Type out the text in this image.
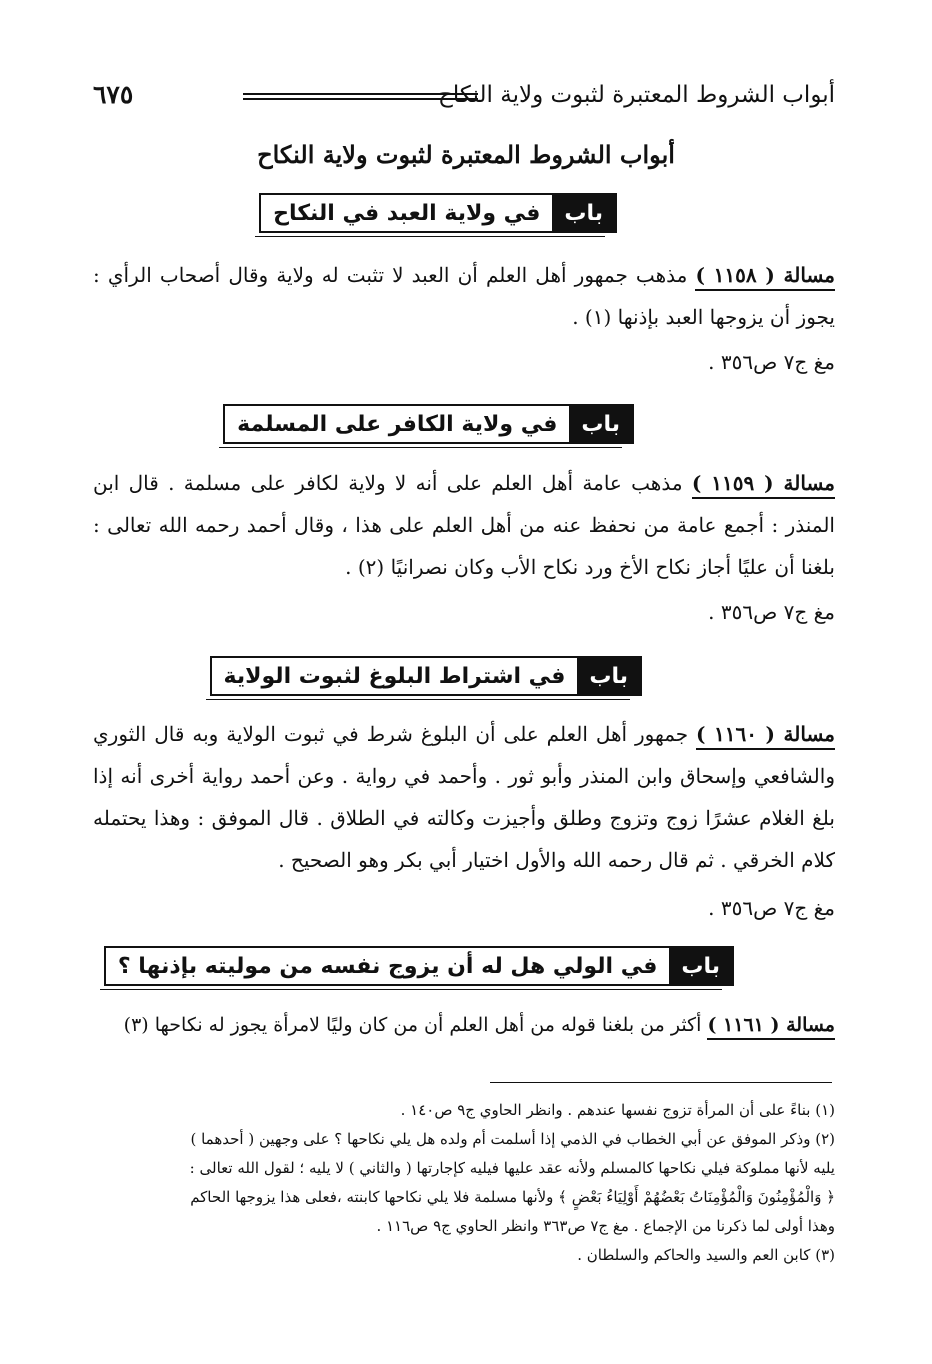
أبواب الشروط المعتبرة لثبوت ولاية النكاح
٦٧٥
أبواب الشروط المعتبرة لثبوت ولاية النكاح
باب
في ولاية العبد في النكاح
مسالة ( ١١٥٨ ) مذهب جمهور أهل العلم أن العبد لا تثبت له ولاية وقال أصحاب الرأي : يجوز أن يزوجها العبد بإذنها (١) .
مغ ج٧ ص٣٥٦ .
باب
في ولاية الكافر على المسلمة
مسالة ( ١١٥٩ ) مذهب عامة أهل العلم على أنه لا ولاية لكافر على مسلمة . قال ابن المنذر : أجمع عامة من نحفظ عنه من أهل العلم على هذا ، وقال أحمد رحمه الله تعالى : بلغنا أن عليًا أجاز نكاح الأخ ورد نكاح الأب وكان نصرانيًا (٢) .
مغ ج٧ ص٣٥٦ .
باب
في اشتراط البلوغ لثبوت الولاية
مسالة ( ١١٦٠ ) جمهور أهل العلم على أن البلوغ شرط في ثبوت الولاية وبه قال الثوري والشافعي وإسحاق وابن المنذر وأبو ثور . وأحمد في رواية . وعن أحمد رواية أخرى أنه إذا بلغ الغلام عشرًا زوج وتزوج وطلق وأجيزت وكالته في الطلاق . قال الموفق : وهذا يحتمله كلام الخرقي . ثم قال رحمه الله والأول اختيار أبي بكر وهو الصحيح .
مغ ج٧ ص٣٥٦ .
باب
في الولي هل له أن يزوج نفسه من موليته بإذنها ؟
مسالة ( ١١٦١ ) أكثر من بلغنا قوله من أهل العلم أن من كان وليًا لامرأة يجوز له نكاحها (٣)
(١) بناءً على أن المرأة تزوج نفسها عندهم . وانظر الحاوي ج٩ ص١٤٠ .
(٢) وذكر الموفق عن أبي الخطاب في الذمي إذا أسلمت أم ولده هل يلي نكاحها ؟ على وجهين ( أحدهما )
يليه لأنها مملوكة فيلي نكاحها كالمسلم ولأنه عقد عليها فيليه كإجارتها ( والثاني ) لا يليه ؛ لقول الله تعالى :
﴿ وَالْمُؤْمِنُونَ وَالْمُؤْمِنَاتُ بَعْضُهُمْ أَوْلِيَاءُ بَعْضٍ ﴾ ولأنها مسلمة فلا يلي نكاحها كابنته ،فعلى هذا يزوجها الحاكم
وهذا أولى لما ذكرنا من الإجماع . مغ ج٧ ص٣٦٣ وانظر الحاوي ج٩ ص١١٦ .
(٣) كابن العم والسيد والحاكم والسلطان .
